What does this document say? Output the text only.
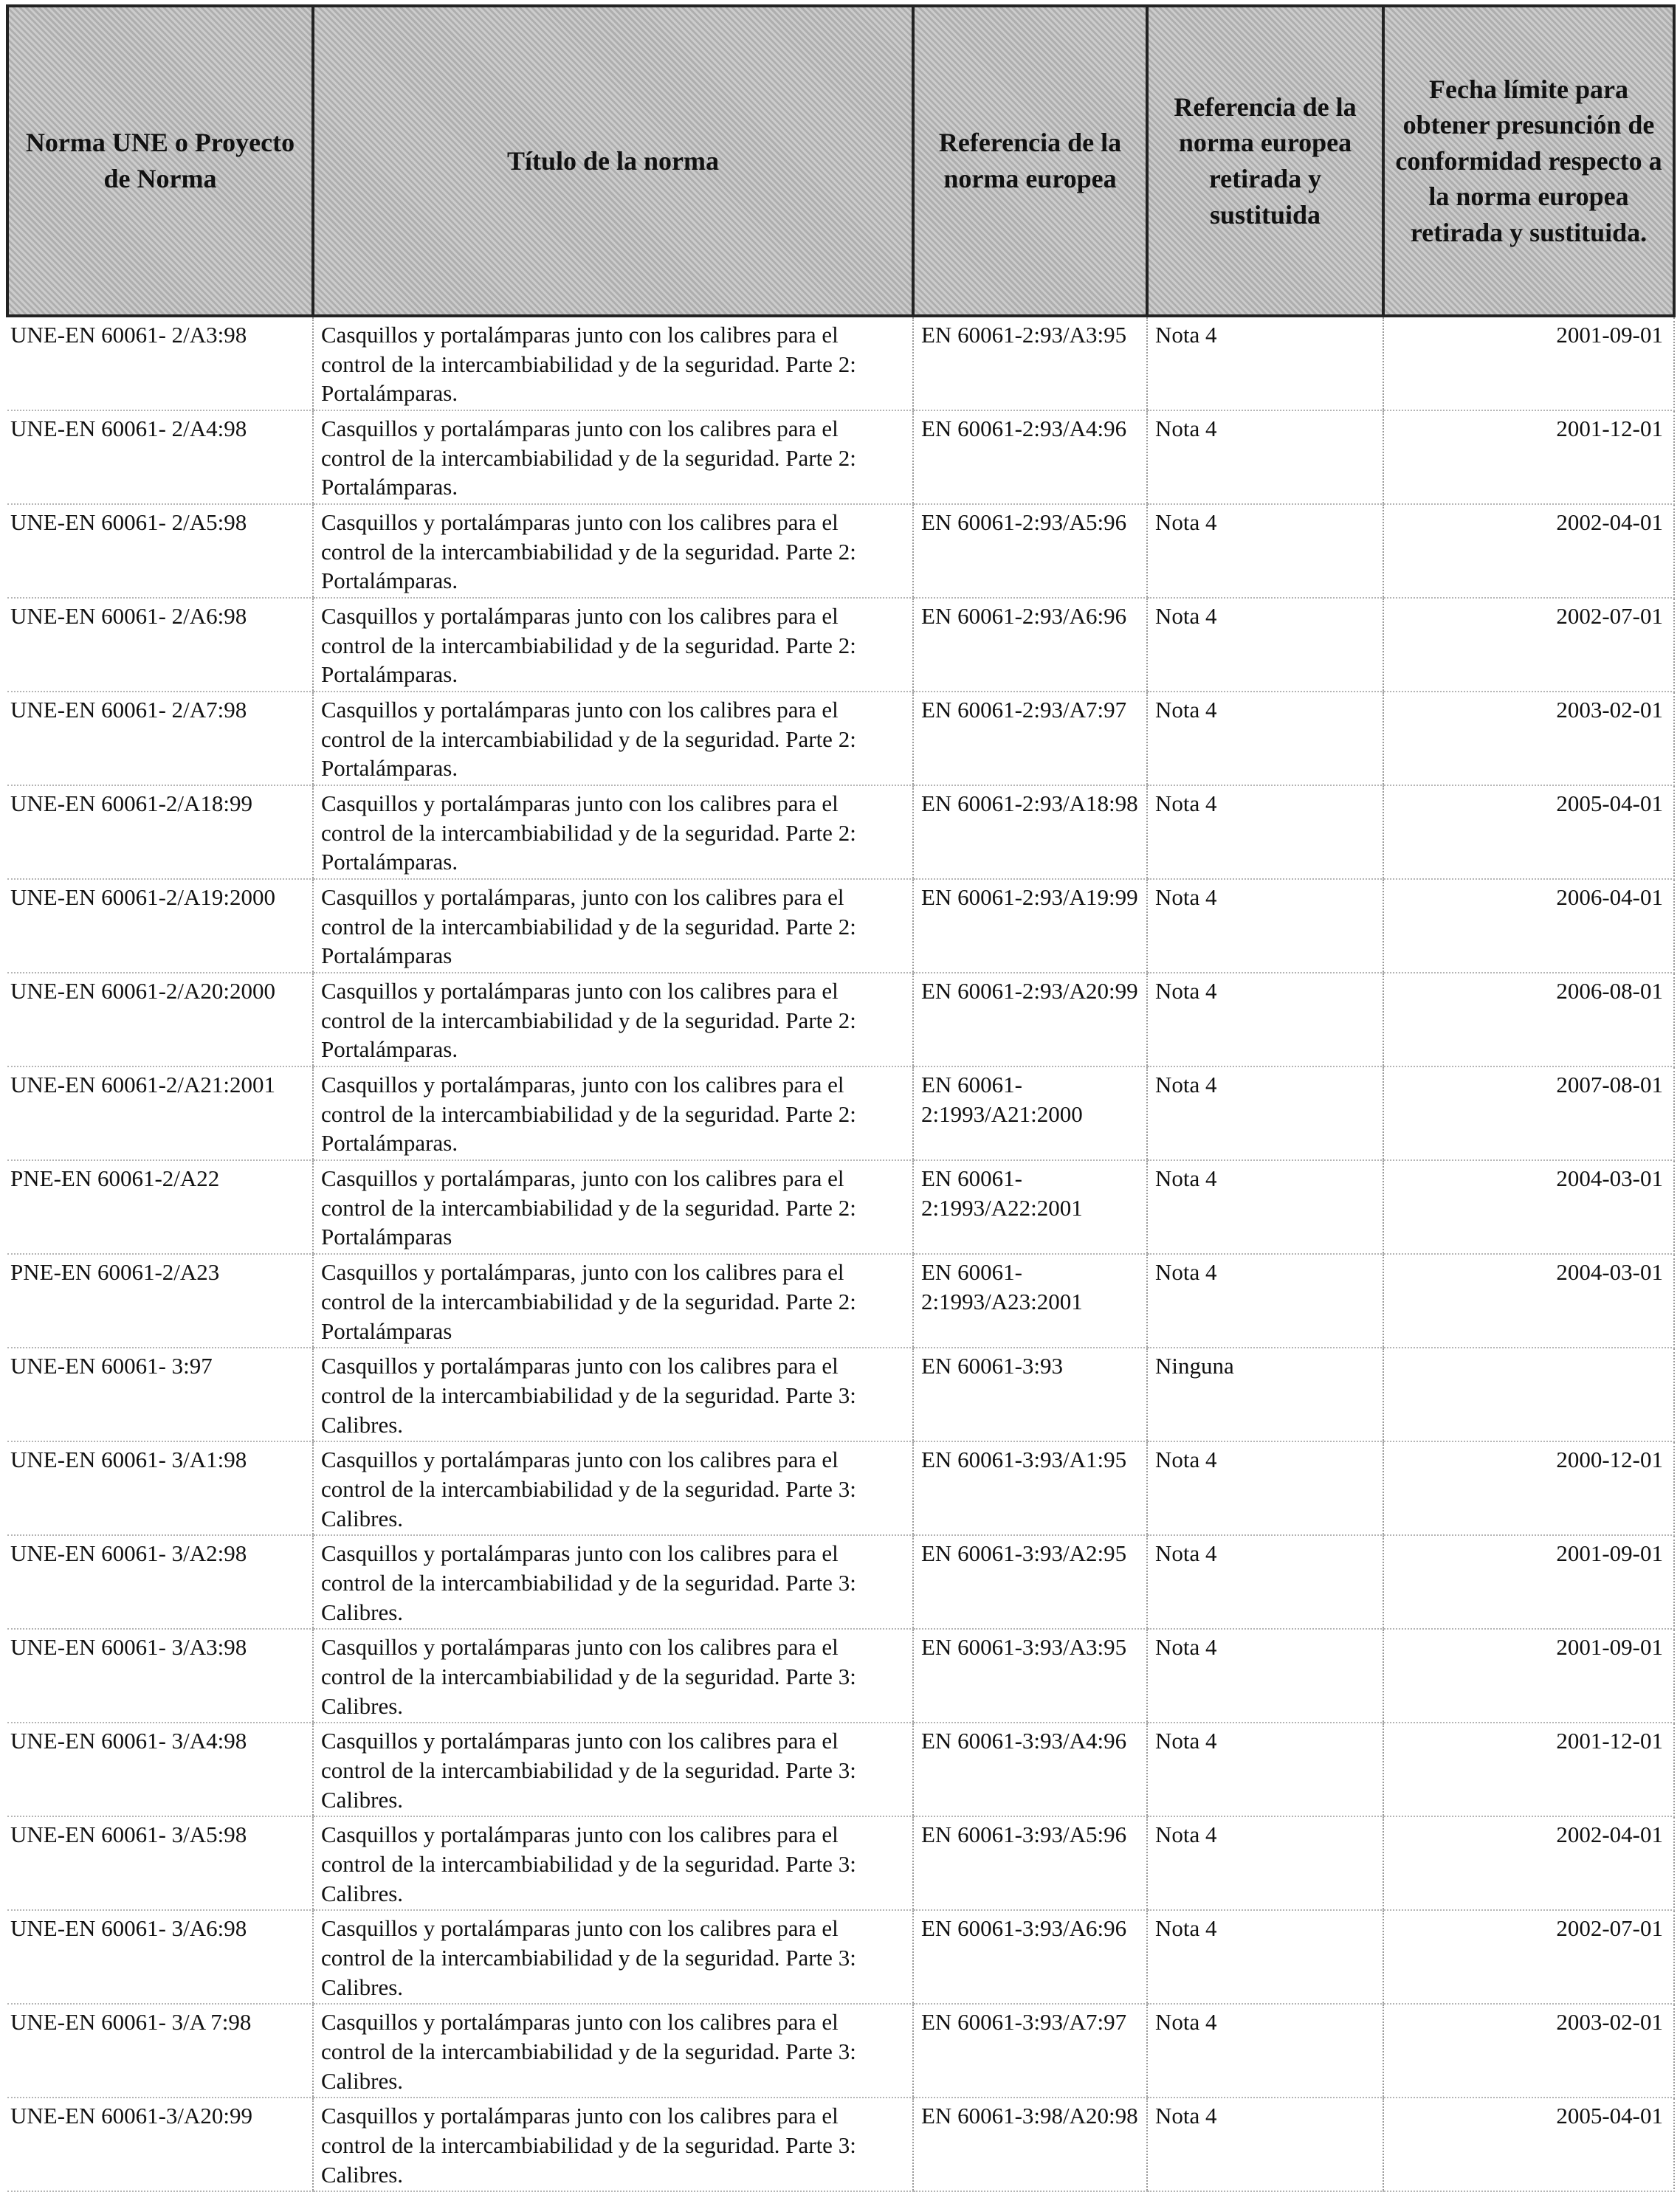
Norma UNE o Proyecto de Norma	Título de la norma	Referencia de la norma europea	Referencia de la norma europea retirada y sustituida	Fecha límite para obtener presunción de conformidad respecto a la norma europea retirada y sustituida.
UNE-EN 60061- 2/A3:98	Casquillos y portalámparas junto con los calibres para el control de la intercambiabilidad y de la seguridad. Parte 2: Portalámparas.	EN 60061-2:93/A3:95	Nota 4	2001-09-01
UNE-EN 60061- 2/A4:98	Casquillos y portalámparas junto con los calibres para el control de la intercambiabilidad y de la seguridad. Parte 2: Portalámparas.	EN 60061-2:93/A4:96	Nota 4	2001-12-01
UNE-EN 60061- 2/A5:98	Casquillos y portalámparas junto con los calibres para el control de la intercambiabilidad y de la seguridad. Parte 2: Portalámparas.	EN 60061-2:93/A5:96	Nota 4	2002-04-01
UNE-EN 60061- 2/A6:98	Casquillos y portalámparas junto con los calibres para el control de la intercambiabilidad y de la seguridad. Parte 2: Portalámparas.	EN 60061-2:93/A6:96	Nota 4	2002-07-01
UNE-EN 60061- 2/A7:98	Casquillos y portalámparas junto con los calibres para el control de la intercambiabilidad y de la seguridad. Parte 2: Portalámparas.	EN 60061-2:93/A7:97	Nota 4	2003-02-01
UNE-EN 60061-2/A18:99	Casquillos y portalámparas junto con los calibres para el control de la intercambiabilidad y de la seguridad. Parte 2: Portalámparas.	EN 60061-2:93/A18:98	Nota 4	2005-04-01
UNE-EN 60061-2/A19:2000	Casquillos y portalámparas, junto con los calibres para el control de la intercambiabilidad y de la seguridad. Parte 2: Portalámparas	EN 60061-2:93/A19:99	Nota 4	2006-04-01
UNE-EN 60061-2/A20:2000	Casquillos y portalámparas junto con los calibres para el control de la intercambiabilidad y de la seguridad. Parte 2: Portalámparas.	EN 60061-2:93/A20:99	Nota 4	2006-08-01
UNE-EN 60061-2/A21:2001	Casquillos y portalámparas, junto con los calibres para el control de la intercambiabilidad y de la seguridad. Parte 2: Portalámparas.	EN 60061-2:1993/A21:2000	Nota 4	2007-08-01
PNE-EN 60061-2/A22	Casquillos y portalámparas, junto con los calibres para el control de la intercambiabilidad y de la seguridad. Parte 2: Portalámparas	EN 60061-2:1993/A22:2001	Nota 4	2004-03-01
PNE-EN 60061-2/A23	Casquillos y portalámparas, junto con los calibres para el control de la intercambiabilidad y de la seguridad. Parte 2: Portalámparas	EN 60061-2:1993/A23:2001	Nota 4	2004-03-01
UNE-EN 60061- 3:97	Casquillos y portalámparas junto con los calibres para el control de la intercambiabilidad y de la seguridad. Parte 3: Calibres.	EN 60061-3:93	Ninguna	
UNE-EN 60061- 3/A1:98	Casquillos y portalámparas junto con los calibres para el control de la intercambiabilidad y de la seguridad. Parte 3: Calibres.	EN 60061-3:93/A1:95	Nota 4	2000-12-01
UNE-EN 60061- 3/A2:98	Casquillos y portalámparas junto con los calibres para el control de la intercambiabilidad y de la seguridad. Parte 3: Calibres.	EN 60061-3:93/A2:95	Nota 4	2001-09-01
UNE-EN 60061- 3/A3:98	Casquillos y portalámparas junto con los calibres para el control de la intercambiabilidad y de la seguridad. Parte 3: Calibres.	EN 60061-3:93/A3:95	Nota 4	2001-09-01
UNE-EN 60061- 3/A4:98	Casquillos y portalámparas junto con los calibres para el control de la intercambiabilidad y de la seguridad. Parte 3: Calibres.	EN 60061-3:93/A4:96	Nota 4	2001-12-01
UNE-EN 60061- 3/A5:98	Casquillos y portalámparas junto con los calibres para el control de la intercambiabilidad y de la seguridad. Parte 3: Calibres.	EN 60061-3:93/A5:96	Nota 4	2002-04-01
UNE-EN 60061- 3/A6:98	Casquillos y portalámparas junto con los calibres para el control de la intercambiabilidad y de la seguridad. Parte 3: Calibres.	EN 60061-3:93/A6:96	Nota 4	2002-07-01
UNE-EN 60061- 3/A 7:98	Casquillos y portalámparas junto con los calibres para el control de la intercambiabilidad y de la seguridad. Parte 3: Calibres.	EN 60061-3:93/A7:97	Nota 4	2003-02-01
UNE-EN 60061-3/A20:99	Casquillos y portalámparas junto con los calibres para el control de la intercambiabilidad y de la seguridad. Parte 3: Calibres.	EN 60061-3:98/A20:98	Nota 4	2005-04-01
